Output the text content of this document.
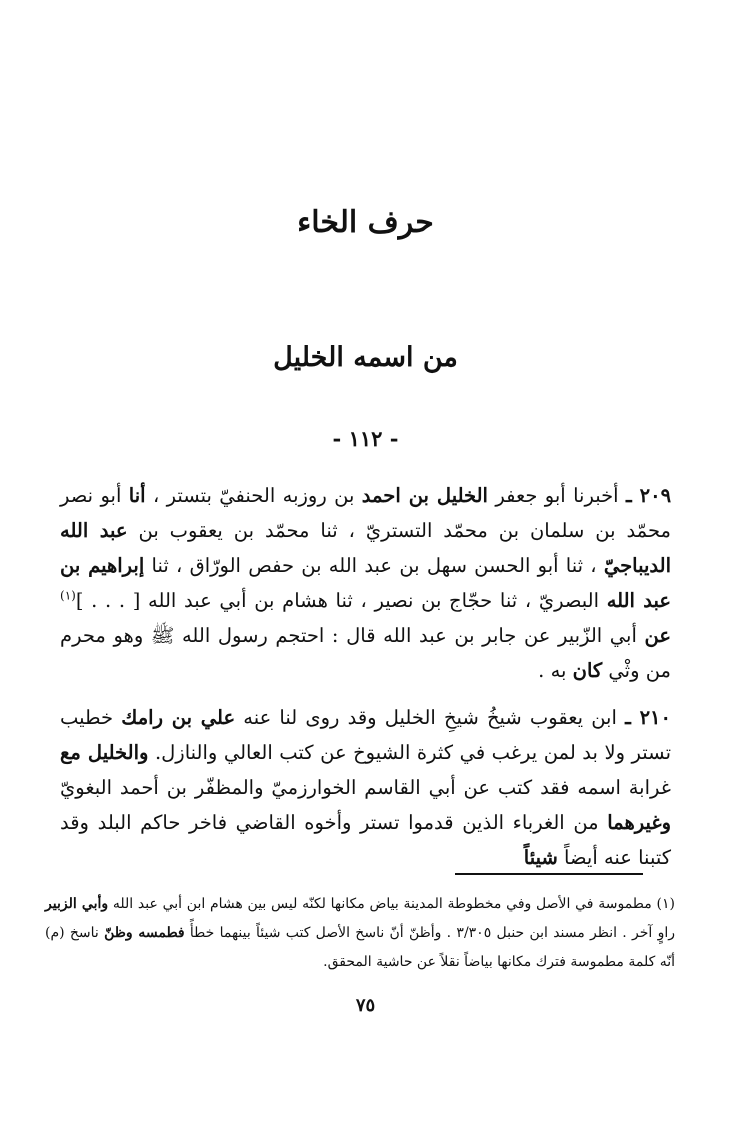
حرف الخاء
من اسمه الخليل
- ١١٢ -

٢٠٩ ـ أخبرنا أبو جعفر الخليل بن احمد بن روزبه الحنفيّ بتستر ، أنا أبو نصر محمّد بن سلمان بن محمّد التستريّ ، ثنا محمّد بن يعقوب بن عبد الله الديباجيّ ، ثنا أبو الحسن سهل بن عبد الله بن حفص الورّاق ، ثنا إبراهيم بن عبد الله البصريّ ، ثنا حجّاج بن نصير ، ثنا هشام بن أبي عبد الله [ . . . ]$^{(١)}$ عن أبي الزّبير عن جابر بن عبد الله قال : احتجم رسول الله ﷺ وهو محرم من وثْي كان به .

٢١٠ ـ ابن يعقوب شيخُ شيخِ الخليل وقد روى لنا عنه علي بن رامك خطيب تستر ولا بد لمن يرغب في كثرة الشيوخ عن كتب العالي والنازل. والخليل مع غرابة اسمه فقد كتب عن أبي القاسم الخوارزميّ والمظفّر بن أحمد البغويّ وغيرهما من الغرباء الذين قدموا تستر وأخوه القاضي فاخر حاكم البلد وقد كتبنا عنه أيضاً شيئاً

(١) مطموسة في الأصل وفي مخطوطة المدينة بياض مكانها لكنّه ليس بين هشام ابن أبي عبد الله وأبي الزبير راوٍ آخر . انظر مسند ابن حنبل ٣/٣٠٥ . وأظنّ أنّ ناسخ الأصل كتب شيئاً بينهما خطأً فطمسه وظنّ ناسخ (م) أنّه كلمة مطموسة فترك مكانها بياضاً نقلاً عن حاشية المحقق.

٧٥
